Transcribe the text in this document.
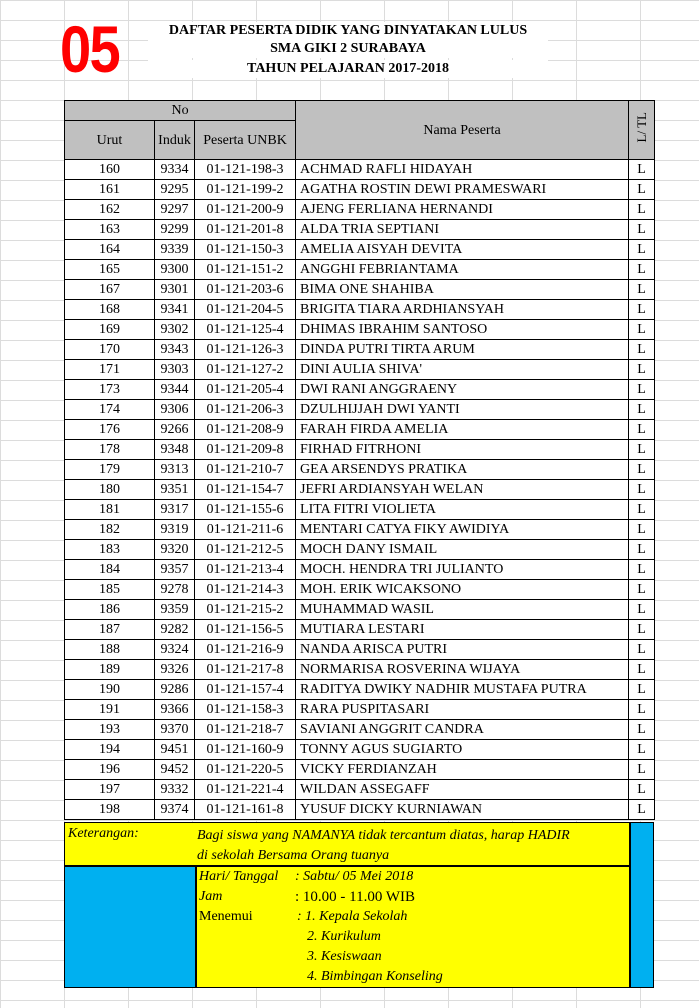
05	DAFTAR PESERTA DIDIK YANG DINYATAKAN LULUS
SMA GIKI 2 SURABAYA
TAHUN PELAJARAN 2017-2018
No			Nama Peserta	L/ TL
Urut	Induk	Peserta UNBK		
160	9334	01-121-198-3	ACHMAD RAFLI HIDAYAH	L
161	9295	01-121-199-2	AGATHA ROSTIN DEWI PRAMESWARI	L
162	9297	01-121-200-9	AJENG FERLIANA HERNANDI	L
163	9299	01-121-201-8	ALDA TRIA SEPTIANI	L
164	9339	01-121-150-3	AMELIA AISYAH DEVITA	L
165	9300	01-121-151-2	ANGGHI FEBRIANTAMA	L
167	9301	01-121-203-6	BIMA ONE SHAHIBA	L
168	9341	01-121-204-5	BRIGITA TIARA ARDHIANSYAH	L
169	9302	01-121-125-4	DHIMAS IBRAHIM SANTOSO	L
170	9343	01-121-126-3	DINDA PUTRI TIRTA ARUM	L
171	9303	01-121-127-2	DINI AULIA SHIVA'	L
173	9344	01-121-205-4	DWI RANI ANGGRAENY	L
174	9306	01-121-206-3	DZULHIJJAH DWI YANTI	L
176	9266	01-121-208-9	FARAH FIRDA AMELIA	L
178	9348	01-121-209-8	FIRHAD FITRHONI	L
179	9313	01-121-210-7	GEA ARSENDYS PRATIKA	L
180	9351	01-121-154-7	JEFRI ARDIANSYAH WELAN	L
181	9317	01-121-155-6	LITA FITRI VIOLIETA	L
182	9319	01-121-211-6	MENTARI CATYA FIKY AWIDIYA	L
183	9320	01-121-212-5	MOCH DANY ISMAIL	L
184	9357	01-121-213-4	MOCH. HENDRA TRI JULIANTO	L
185	9278	01-121-214-3	MOH. ERIK WICAKSONO	L
186	9359	01-121-215-2	MUHAMMAD WASIL	L
187	9282	01-121-156-5	MUTIARA LESTARI	L
188	9324	01-121-216-9	NANDA ARISCA PUTRI	L
189	9326	01-121-217-8	NORMARISA ROSVERINA WIJAYA	L
190	9286	01-121-157-4	RADITYA DWIKY NADHIR MUSTAFA PUTRA	L
191	9366	01-121-158-3	RARA PUSPITASARI	L
193	9370	01-121-218-7	SAVIANI ANGGRIT CANDRA	L
194	9451	01-121-160-9	TONNY AGUS SUGIARTO	L
196	9452	01-121-220-5	VICKY FERDIANZAH	L
197	9332	01-121-221-4	WILDAN ASSEGAFF	L
198	9374	01-121-161-8	YUSUF DICKY KURNIAWAN	L
Keterangan:	Bagi siswa yang NAMANYA tidak tercantum diatas, harap HADIR
di sekolah Bersama Orang tuanya
Hari/ Tanggal : Sabtu/ 05 Mei 2018
Jam	: 10.00 - 11.00 WIB
Menemui	: 1. Kepala Sekolah
2. Kurikulum
3. Kesiswaan
4. Bimbingan Konseling
